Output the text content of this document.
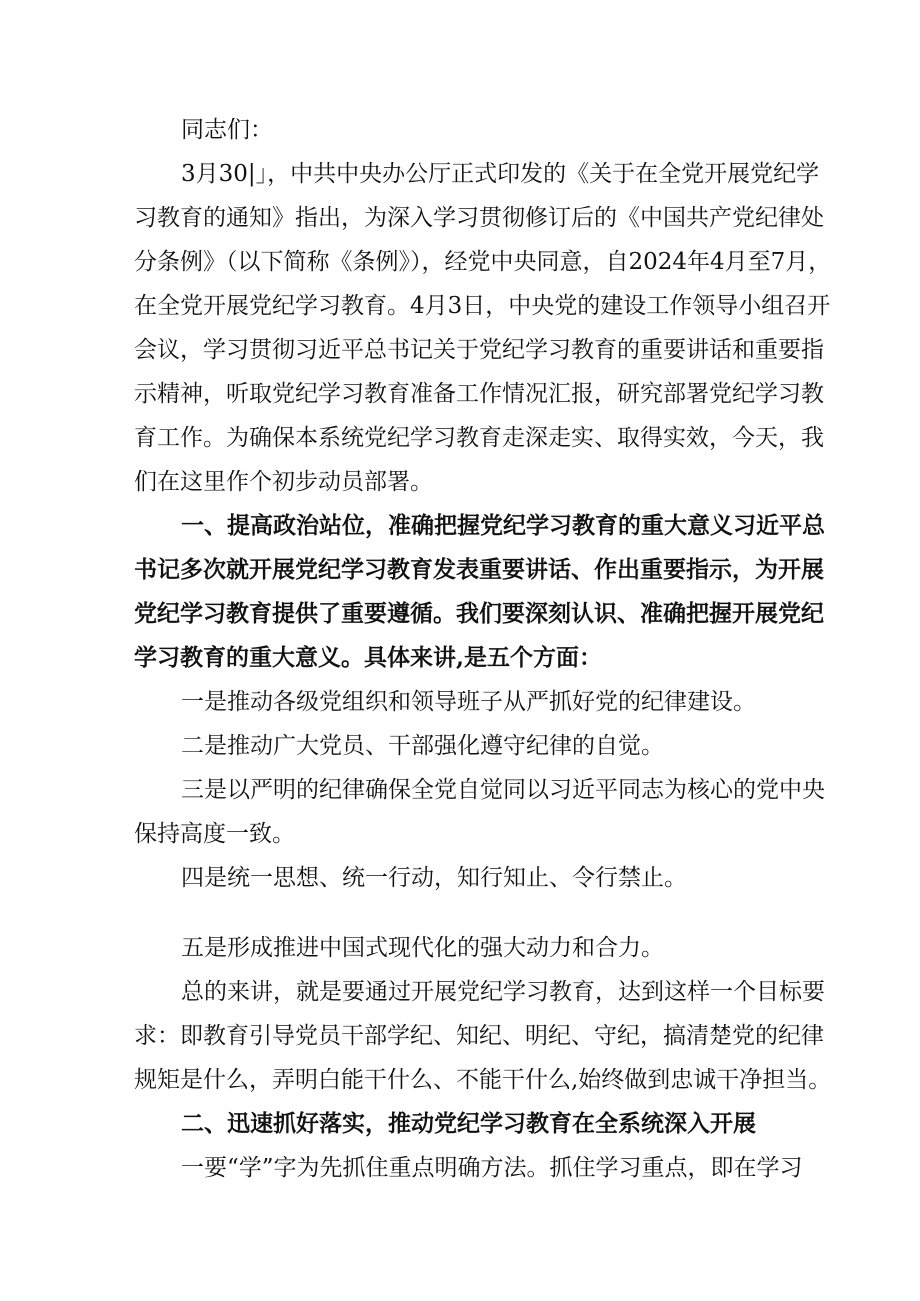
同志们：
3月30|」，中共中央办公厅正式印发的《关于在全党开展党纪学
习教育的通知》指出，为深入学习贯彻修订后的《中国共产党纪律处
分条例》（以下简称《条例》），经党中央同意，自2024年4月至7月，
在全党开展党纪学习教育。4月3日，中央党的建设工作领导小组召开
会议，学习贯彻习近平总书记关于党纪学习教育的重要讲话和重要指
示精神，听取党纪学习教育准备工作情况汇报，研究部署党纪学习教
育工作。为确保本系统党纪学习教育走深走实、取得实效，今天，我
们在这里作个初步动员部署。
一、提高政治站位，准确把握党纪学习教育的重大意义习近平总
书记多次就开展党纪学习教育发表重要讲话、作出重要指示，为开展
党纪学习教育提供了重要遵循。我们要深刻认识、准确把握开展党纪
学习教育的重大意义。具体来讲,是五个方面：
一是推动各级党组织和领导班子从严抓好党的纪律建设。
二是推动广大党员、干部强化遵守纪律的自觉。
三是以严明的纪律确保全党自觉同以习近平同志为核心的党中央
保持高度一致。
四是统一思想、统一行动，知行知止、令行禁止。
五是形成推进中国式现代化的强大动力和合力。
总的来讲，就是要通过开展党纪学习教育，达到这样一个目标要
求：即教育引导党员干部学纪、知纪、明纪、守纪，搞清楚党的纪律
规矩是什么，弄明白能干什么、不能干什么,始终做到忠诚干净担当。
二、迅速抓好落实，推动党纪学习教育在全系统深入开展
一要“学”字为先抓住重点明确方法。抓住学习重点，即在学习
